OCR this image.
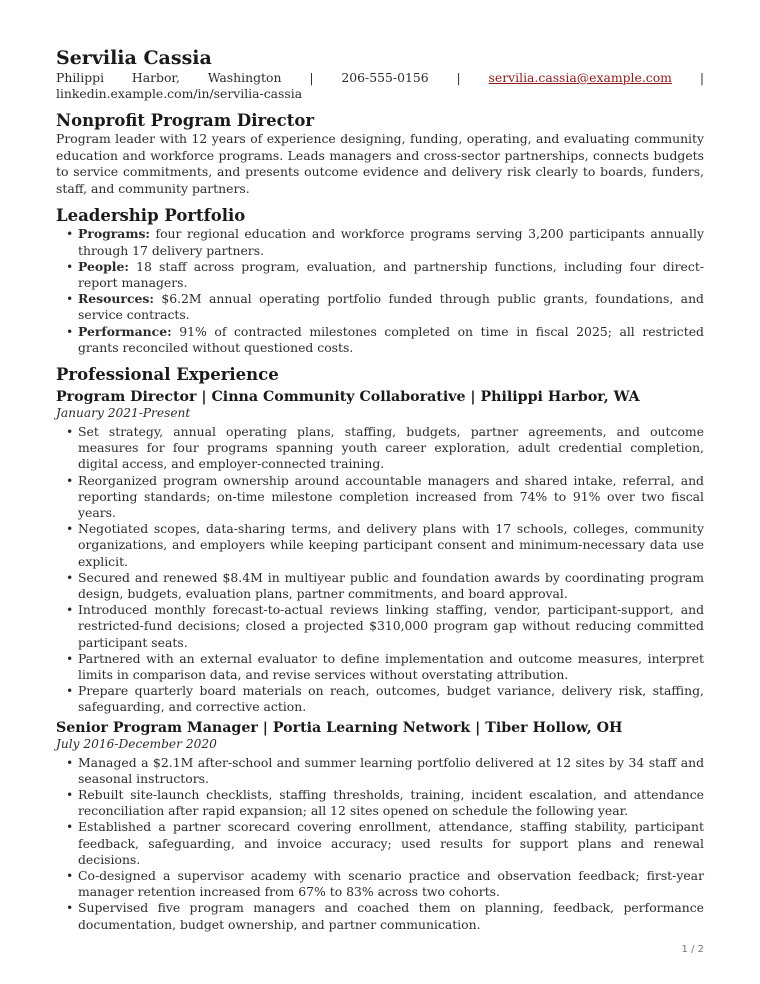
Servilia Cassia

Philippi Harbor, Washington | 206-555-0156 | servilia.cassia@example.com | linkedin.example.com/in/servilia-cassia

Nonprofit Program Director

Program leader with 12 years of experience designing, funding, operating, and evaluating community education and workforce programs. Leads managers and cross-sector partnerships, connects budgets to service commitments, and presents outcome evidence and delivery risk clearly to boards, funders, staff, and community partners.

Leadership Portfolio
• Programs: four regional education and workforce programs serving 3,200 participants annually through 17 delivery partners.
• People: 18 staff across program, evaluation, and partnership functions, including four direct-report managers.
• Resources: $6.2M annual operating portfolio funded through public grants, foundations, and service contracts.
• Performance: 91% of contracted milestones completed on time in fiscal 2025; all restricted grants reconciled without questioned costs.
Professional Experience
Program Director | Cinna Community Collaborative | Philippi Harbor, WA

January 2021-Present

• Set strategy, annual operating plans, staffing, budgets, partner agreements, and outcome measures for four programs spanning youth career exploration, adult credential completion, digital access, and employer-connected training.
• Reorganized program ownership around accountable managers and shared intake, referral, and reporting standards; on-time milestone completion increased from 74% to 91% over two fiscal years.
• Negotiated scopes, data-sharing terms, and delivery plans with 17 schools, colleges, community organizations, and employers while keeping participant consent and minimum-necessary data use explicit.
• Secured and renewed $8.4M in multiyear public and foundation awards by coordinating program design, budgets, evaluation plans, partner commitments, and board approval.
• Introduced monthly forecast-to-actual reviews linking staffing, vendor, participant-support, and restricted-fund decisions; closed a projected $310,000 program gap without reducing committed participant seats.
• Partnered with an external evaluator to define implementation and outcome measures, interpret limits in comparison data, and revise services without overstating attribution.
• Prepare quarterly board materials on reach, outcomes, budget variance, delivery risk, staffing, safeguarding, and corrective action.
Senior Program Manager | Portia Learning Network | Tiber Hollow, OH

July 2016-December 2020

• Managed a $2.1M after-school and summer learning portfolio delivered at 12 sites by 34 staff and seasonal instructors.
• Rebuilt site-launch checklists, staffing thresholds, training, incident escalation, and attendance reconciliation after rapid expansion; all 12 sites opened on schedule the following year.
• Established a partner scorecard covering enrollment, attendance, staffing stability, participant feedback, safeguarding, and invoice accuracy; used results for support plans and renewal decisions.
• Co-designed a supervisor academy with scenario practice and observation feedback; first-year manager retention increased from 67% to 83% across two cohorts.
• Supervised five program managers and coached them on planning, feedback, performance documentation, budget ownership, and partner communication.
1 / 2
